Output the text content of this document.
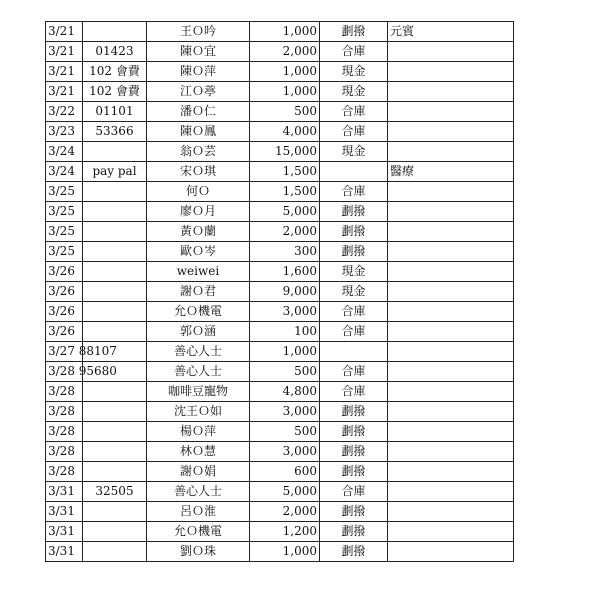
3/21		王Ｏ吟	1,000	劃撥	元賓
3/21	01423	陳Ｏ宜	2,000	合庫	
3/21	102 會費	陳Ｏ萍	1,000	現金	
3/21	102 會費	江Ｏ葶	1,000	現金	
3/22	01101	潘Ｏ仁	500	合庫	
3/23	53366	陳Ｏ鳳	4,000	合庫	
3/24		翁Ｏ芸	15,000	現金	
3/24	pay pal	宋Ｏ琪	1,500		醫療
3/25		何Ｏ	1,500	合庫	
3/25		廖Ｏ月	5,000	劃撥	
3/25		黃Ｏ蘭	2,000	劃撥	
3/25		歐Ｏ岑	300	劃撥	
3/26		weiwei	1,600	現金	
3/26		謝Ｏ君	9,000	現金	
3/26		允Ｏ機電	3,000	合庫	
3/26		郭Ｏ涵	100	合庫	
3/27 88107		善心人士	1,000		
3/28 95680		善心人士	500	合庫	
3/28		咖啡豆寵物	4,800	合庫	
3/28		沈王Ｏ如	3,000	劃撥	
3/28		楊Ｏ萍	500	劃撥	
3/28		林Ｏ慧	3,000	劃撥	
3/28		謝Ｏ娟	600	劃撥	
3/31	32505	善心人士	5,000	合庫	
3/31		呂Ｏ淮	2,000	劃撥	
3/31		允Ｏ機電	1,200	劃撥	
3/31		劉Ｏ珠	1,000	劃撥	
